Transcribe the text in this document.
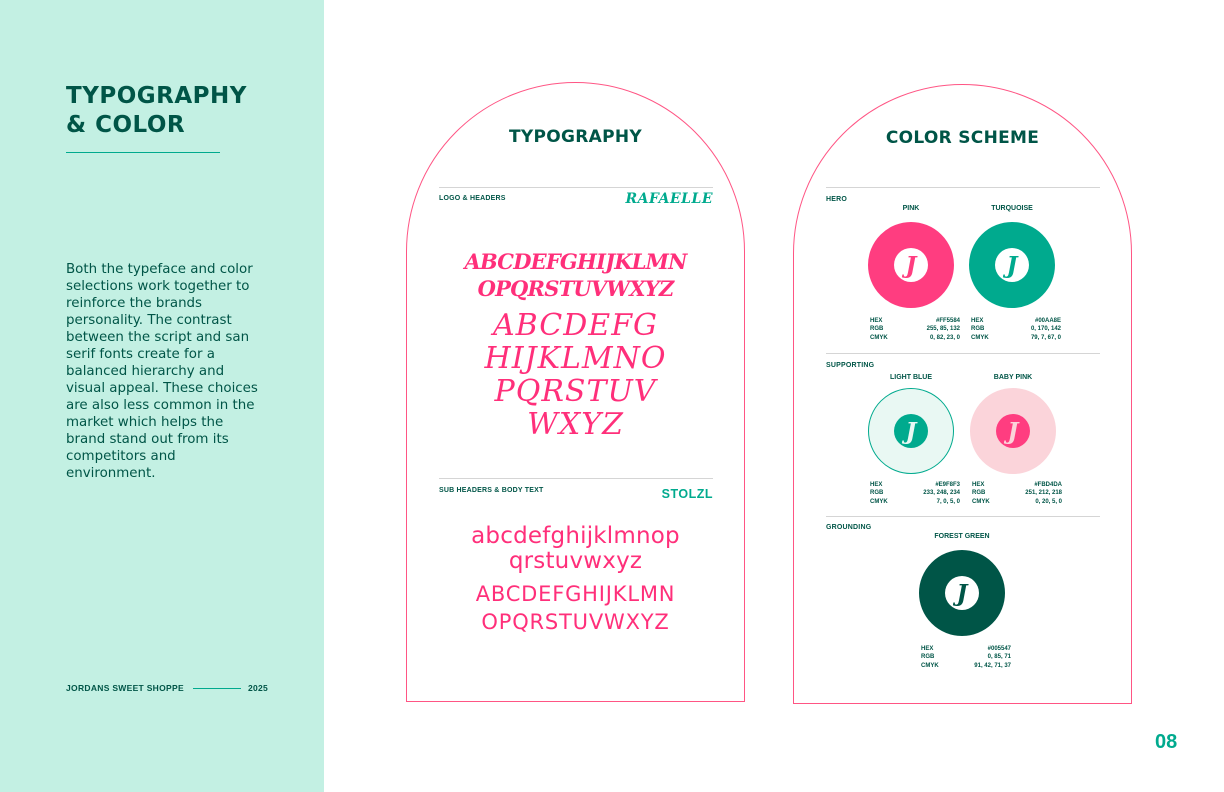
TYPOGRAPHY
& COLOR
Both the typeface and color selections work together to reinforce the brands personality. The contrast between the script and san serif fonts create for a balanced hierarchy and visual appeal. These choices are also less common in the market which helps the brand stand out from its competitors and environment.
JORDANS SWEET SHOPPE	2025
TYPOGRAPHY
LOGO & HEADERS	RAFAELLE
ABCDEFGHIJKLMN
OPQRSTUVWXYZ
ABCDEFG
HIJKLMNO
PQRSTUV
WXYZ
SUB HEADERS & BODY TEXT	STOLZL
abcdefghijklmnop
qrstuvwxyz
ABCDEFGHIJKLMN
OPQRSTUVWXYZ
COLOR SCHEME
HERO
SUPPORTING
GROUNDING
PINK
J
HEX	#FF5584
RGB	255, 85, 132
CMYK	0, 82, 23, 0
TURQUOISE
J
HEX	#00AA8E
RGB	0, 170, 142
CMYK	79, 7, 67, 0
LIGHT BLUE
J
HEX	#E9F8F3
RGB	233, 248, 234
CMYK	7, 0, 5, 0
BABY PINK
J
HEX	#FBD4DA
RGB	251, 212, 218
CMYK	0, 20, 5, 0
FOREST GREEN
J
HEX	#005547
RGB	0, 85, 71
CMYK	91, 42, 71, 37
08
